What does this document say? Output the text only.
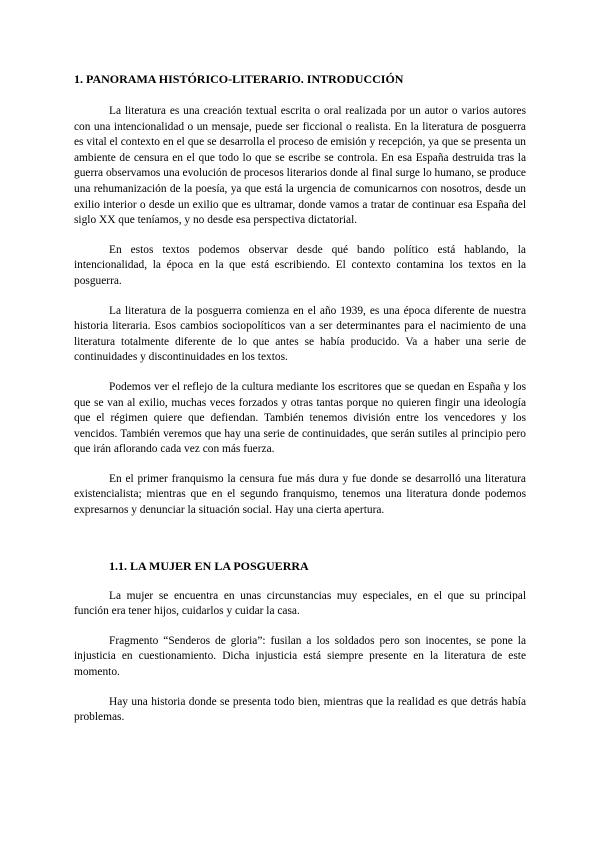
1. PANORAMA HISTÓRICO-LITERARIO. INTRODUCCIÓN

La literatura es una creación textual escrita o oral realizada por un autor o varios autores con una intencionalidad o un mensaje, puede ser ficcional o realista. En la literatura de posguerra es vital el contexto en el que se desarrolla el proceso de emisión y recepción, ya que se presenta un ambiente de censura en el que todo lo que se escribe se controla. En esa España destruida tras la guerra observamos una evolución de procesos literarios donde al final surge lo humano, se produce una rehumanización de la poesía, ya que está la urgencia de comunicarnos con nosotros, desde un exilio interior o desde un exilio que es ultramar, donde vamos a tratar de continuar esa España del siglo XX que teníamos, y no desde esa perspectiva dictatorial.

En estos textos podemos observar desde qué bando político está hablando, la intencionalidad, la época en la que está escribiendo. El contexto contamina los textos en la posguerra.

La literatura de la posguerra comienza en el año 1939, es una época diferente de nuestra historia literaria. Esos cambios sociopolíticos van a ser determinantes para el nacimiento de una literatura totalmente diferente de lo que antes se había producido. Va a haber una serie de continuidades y discontinuidades en los textos.

Podemos ver el reflejo de la cultura mediante los escritores que se quedan en España y los que se van al exilio, muchas veces forzados y otras tantas porque no quieren fingir una ideología que el régimen quiere que defiendan. También tenemos división entre los vencedores y los vencidos. También veremos que hay una serie de continuidades, que serán sutiles al principio pero que irán aflorando cada vez con más fuerza.

En el primer franquismo la censura fue más dura y fue donde se desarrolló una literatura existencialista; mientras que en el segundo franquismo, tenemos una literatura donde podemos expresarnos y denunciar la situación social. Hay una cierta apertura.

1.1. LA MUJER EN LA POSGUERRA

La mujer se encuentra en unas circunstancias muy especiales, en el que su principal función era tener hijos, cuidarlos y cuidar la casa.

Fragmento “Senderos de gloria”: fusilan a los soldados pero son inocentes, se pone la injusticia en cuestionamiento. Dicha injusticia está siempre presente en la literatura de este momento.

Hay una historia donde se presenta todo bien, mientras que la realidad es que detrás había problemas.
